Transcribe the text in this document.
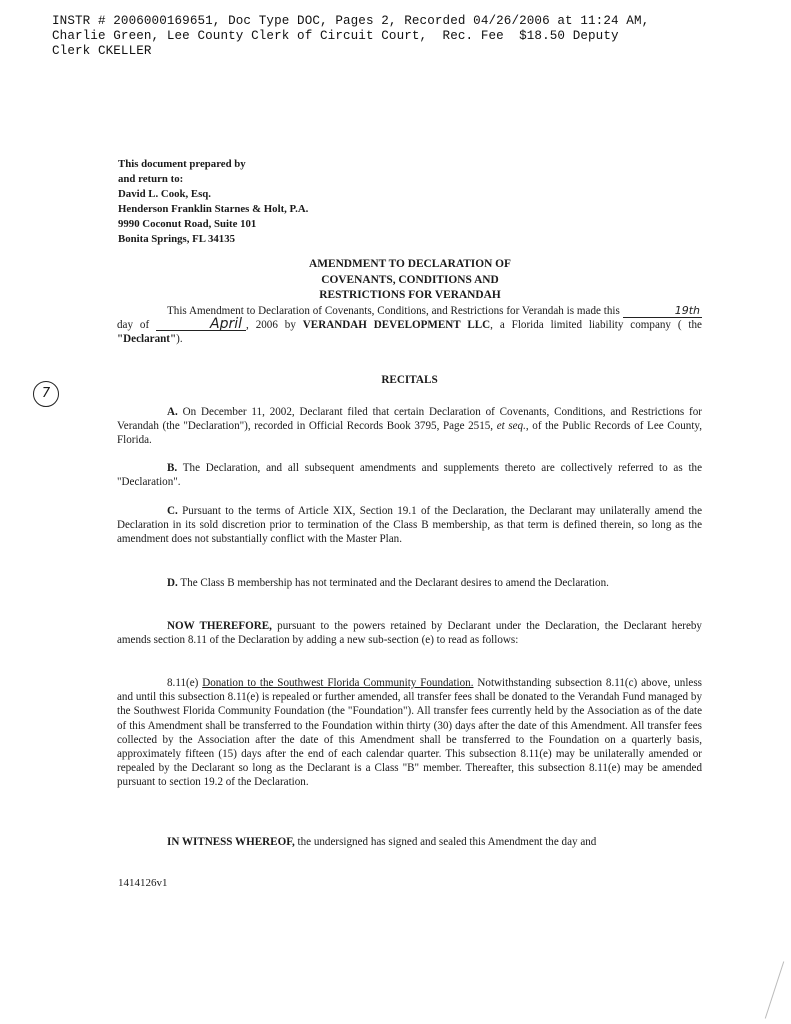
INSTR # 2006000169651, Doc Type DOC, Pages 2, Recorded 04/26/2006 at 11:24 AM,
Charlie Green, Lee County Clerk of Circuit Court,  Rec. Fee  $18.50 Deputy
Clerk CKELLER
This document prepared by
and return to:
David L. Cook, Esq.
Henderson Franklin Starnes & Holt, P.A.
9990 Coconut Road, Suite 101
Bonita Springs, FL 34135
AMENDMENT TO DECLARATION OF
COVENANTS, CONDITIONS AND
RESTRICTIONS FOR VERANDAH
This Amendment to Declaration of Covenants, Conditions, and Restrictions for Verandah is made this	19th day of	April , 2006 by VERANDAH DEVELOPMENT LLC, a Florida limited liability company ( the "Declarant").
7
RECITALS
A. On December 11, 2002, Declarant filed that certain Declaration of Covenants, Conditions, and Restrictions for Verandah (the "Declaration"), recorded in Official Records Book 3795, Page 2515, et seq., of the Public Records of Lee County, Florida.
B. The Declaration, and all subsequent amendments and supplements thereto are collectively referred to as the "Declaration".
C. Pursuant to the terms of Article XIX, Section 19.1 of the Declaration, the Declarant may unilaterally amend the Declaration in its sold discretion prior to termination of the Class B membership, as that term is defined therein, so long as the amendment does not substantially conflict with the Master Plan.
D. The Class B membership has not terminated and the Declarant desires to amend the Declaration.
NOW THEREFORE, pursuant to the powers retained by Declarant under the Declaration, the Declarant hereby amends section 8.11 of the Declaration by adding a new sub-section (e) to read as follows:
8.11(e) Donation to the Southwest Florida Community Foundation. Notwithstanding subsection 8.11(c) above, unless and until this subsection 8.11(e) is repealed or further amended, all transfer fees shall be donated to the Verandah Fund managed by the Southwest Florida Community Foundation (the "Foundation"). All transfer fees currently held by the Association as of the date of this Amendment shall be transferred to the Foundation within thirty (30) days after the date of this Amendment. All transfer fees collected by the Association after the date of this Amendment shall be transferred to the Foundation on a quarterly basis, approximately fifteen (15) days after the end of each calendar quarter. This subsection 8.11(e) may be unilaterally amended or repealed by the Declarant so long as the Declarant is a Class "B" member. Thereafter, this subsection 8.11(e) may be amended pursuant to section 19.2 of the Declaration.
IN WITNESS WHEREOF, the undersigned has signed and sealed this Amendment the day and
1414126v1
